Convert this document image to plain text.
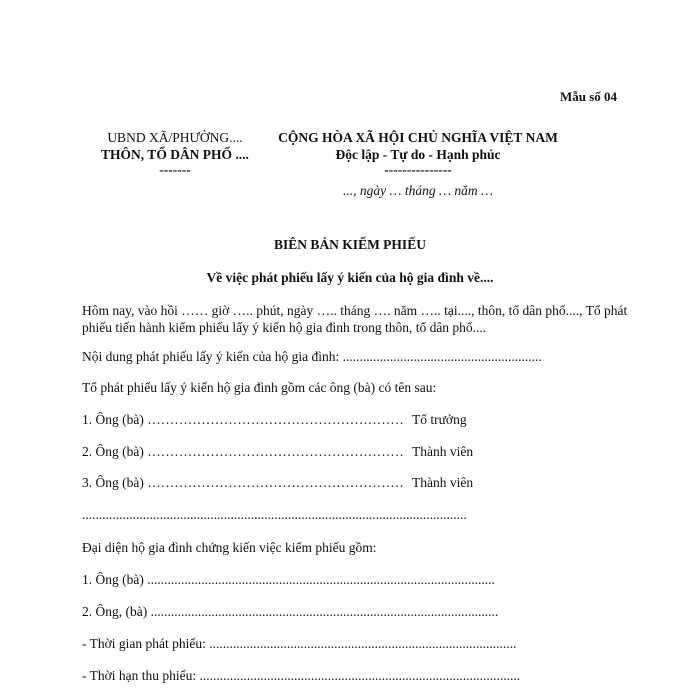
Mẫu số 04
UBND XÃ/PHƯỜNG....
THÔN, TỔ DÂN PHỐ ....
-------
CỘNG HÒA XÃ HỘI CHỦ NGHĨA VIỆT NAM
Độc lập - Tự do - Hạnh phúc
---------------
..., ngày … tháng … năm …
BIÊN BẢN KIỂM PHIẾU
Về việc phát phiếu lấy ý kiến của hộ gia đình về....
Hôm nay, vào hồi …… giờ ….. phút, ngày ….. tháng …. năm ….. tại...., thôn, tổ dân phố...., Tổ phát phiếu tiến hành kiểm phiếu lấy ý kiến hộ gia đình trong thôn, tổ dân phố....
Nội dung phát phiếu lấy ý kiến của hộ gia đình: ...........................................................
Tổ phát phiếu lấy ý kiến hộ gia đình gồm các ông (bà) có tên sau:
1. Ông (bà) ………………………………………………… Tổ trưởng
2. Ông (bà) ………………………………………………… Thành viên
3. Ông (bà) ………………………………………………… Thành viên
..................................................................................................................
Đại diện hộ gia đình chứng kiến việc kiểm phiếu gồm:
1. Ông (bà) .......................................................................................................
2. Ông, (bà) .......................................................................................................
- Thời gian phát phiếu: ...........................................................................................
- Thời hạn thu phiếu: ...............................................................................................
